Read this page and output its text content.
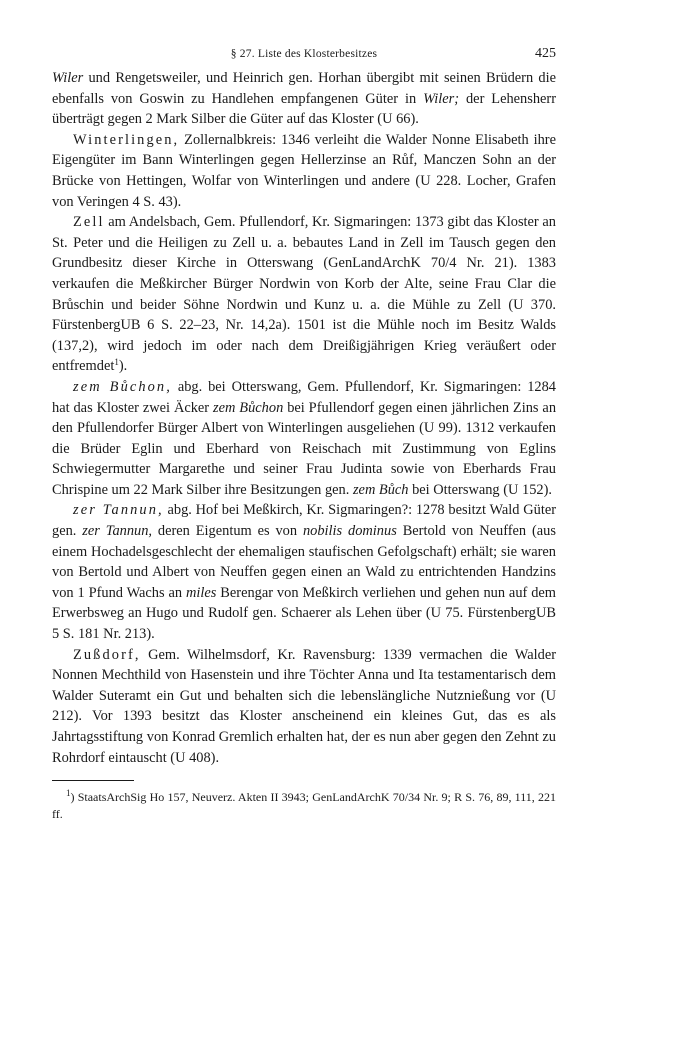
§ 27. Liste des Klosterbesitzes	425

Wiler und Rengetsweiler, und Heinrich gen. Horhan übergibt mit seinen Brüdern die ebenfalls von Goswin zu Handlehen empfangenen Güter in Wiler; der Lehensherr überträgt gegen 2 Mark Silber die Güter auf das Kloster (U 66).

Winterlingen, Zollernalbkreis: 1346 verleiht die Walder Nonne Elisabeth ihre Eigengüter im Bann Winterlingen gegen Hellerzinse an Růf, Manczen Sohn an der Brücke von Hettingen, Wolfar von Winterlingen und andere (U 228. Locher, Grafen von Veringen 4 S. 43).

Zell am Andelsbach, Gem. Pfullendorf, Kr. Sigmaringen: 1373 gibt das Kloster an St. Peter und die Heiligen zu Zell u. a. bebautes Land in Zell im Tausch gegen den Grundbesitz dieser Kirche in Otterswang (GenLandArchK 70/4 Nr. 21). 1383 verkaufen die Meßkircher Bürger Nordwin von Korb der Alte, seine Frau Clar die Brůschin und beider Söhne Nordwin und Kunz u. a. die Mühle zu Zell (U 370. FürstenbergUB 6 S. 22–23, Nr. 14,2a). 1501 ist die Mühle noch im Besitz Walds (137,2), wird jedoch im oder nach dem Dreißigjährigen Krieg veräußert oder entfremdet$^1$).

zem Bůchon, abg. bei Otterswang, Gem. Pfullendorf, Kr. Sigmaringen: 1284 hat das Kloster zwei Äcker zem Bůchon bei Pfullendorf gegen einen jährlichen Zins an den Pfullendorfer Bürger Albert von Winterlingen ausgeliehen (U 99). 1312 verkaufen die Brüder Eglin und Eberhard von Reischach mit Zustimmung von Eglins Schwiegermutter Margarethe und seiner Frau Judinta sowie von Eberhards Frau Chrispine um 22 Mark Silber ihre Besitzungen gen. zem Bůch bei Otterswang (U 152).

zer Tannun, abg. Hof bei Meßkirch, Kr. Sigmaringen?: 1278 besitzt Wald Güter gen. zer Tannun, deren Eigentum es von nobilis dominus Bertold von Neuffen (aus einem Hochadelsgeschlecht der ehemaligen staufischen Gefolgschaft) erhält; sie waren von Bertold und Albert von Neuffen gegen einen an Wald zu entrichtenden Handzins von 1 Pfund Wachs an miles Berengar von Meßkirch verliehen und gehen nun auf dem Erwerbsweg an Hugo und Rudolf gen. Schaerer als Lehen über (U 75. FürstenbergUB 5 S. 181 Nr. 213).

Zußdorf, Gem. Wilhelmsdorf, Kr. Ravensburg: 1339 vermachen die Walder Nonnen Mechthild von Hasenstein und ihre Töchter Anna und Ita testamentarisch dem Walder Suteramt ein Gut und behalten sich die lebenslängliche Nutznießung vor (U 212). Vor 1393 besitzt das Kloster anscheinend ein kleines Gut, das es als Jahrtagsstiftung von Konrad Gremlich erhalten hat, der es nun aber gegen den Zehnt zu Rohrdorf eintauscht (U 408).

$^1$) StaatsArchSig Ho 157, Neuverz. Akten II 3943; GenLandArchK 70/34 Nr. 9; R S. 76, 89, 111, 221 ff.
